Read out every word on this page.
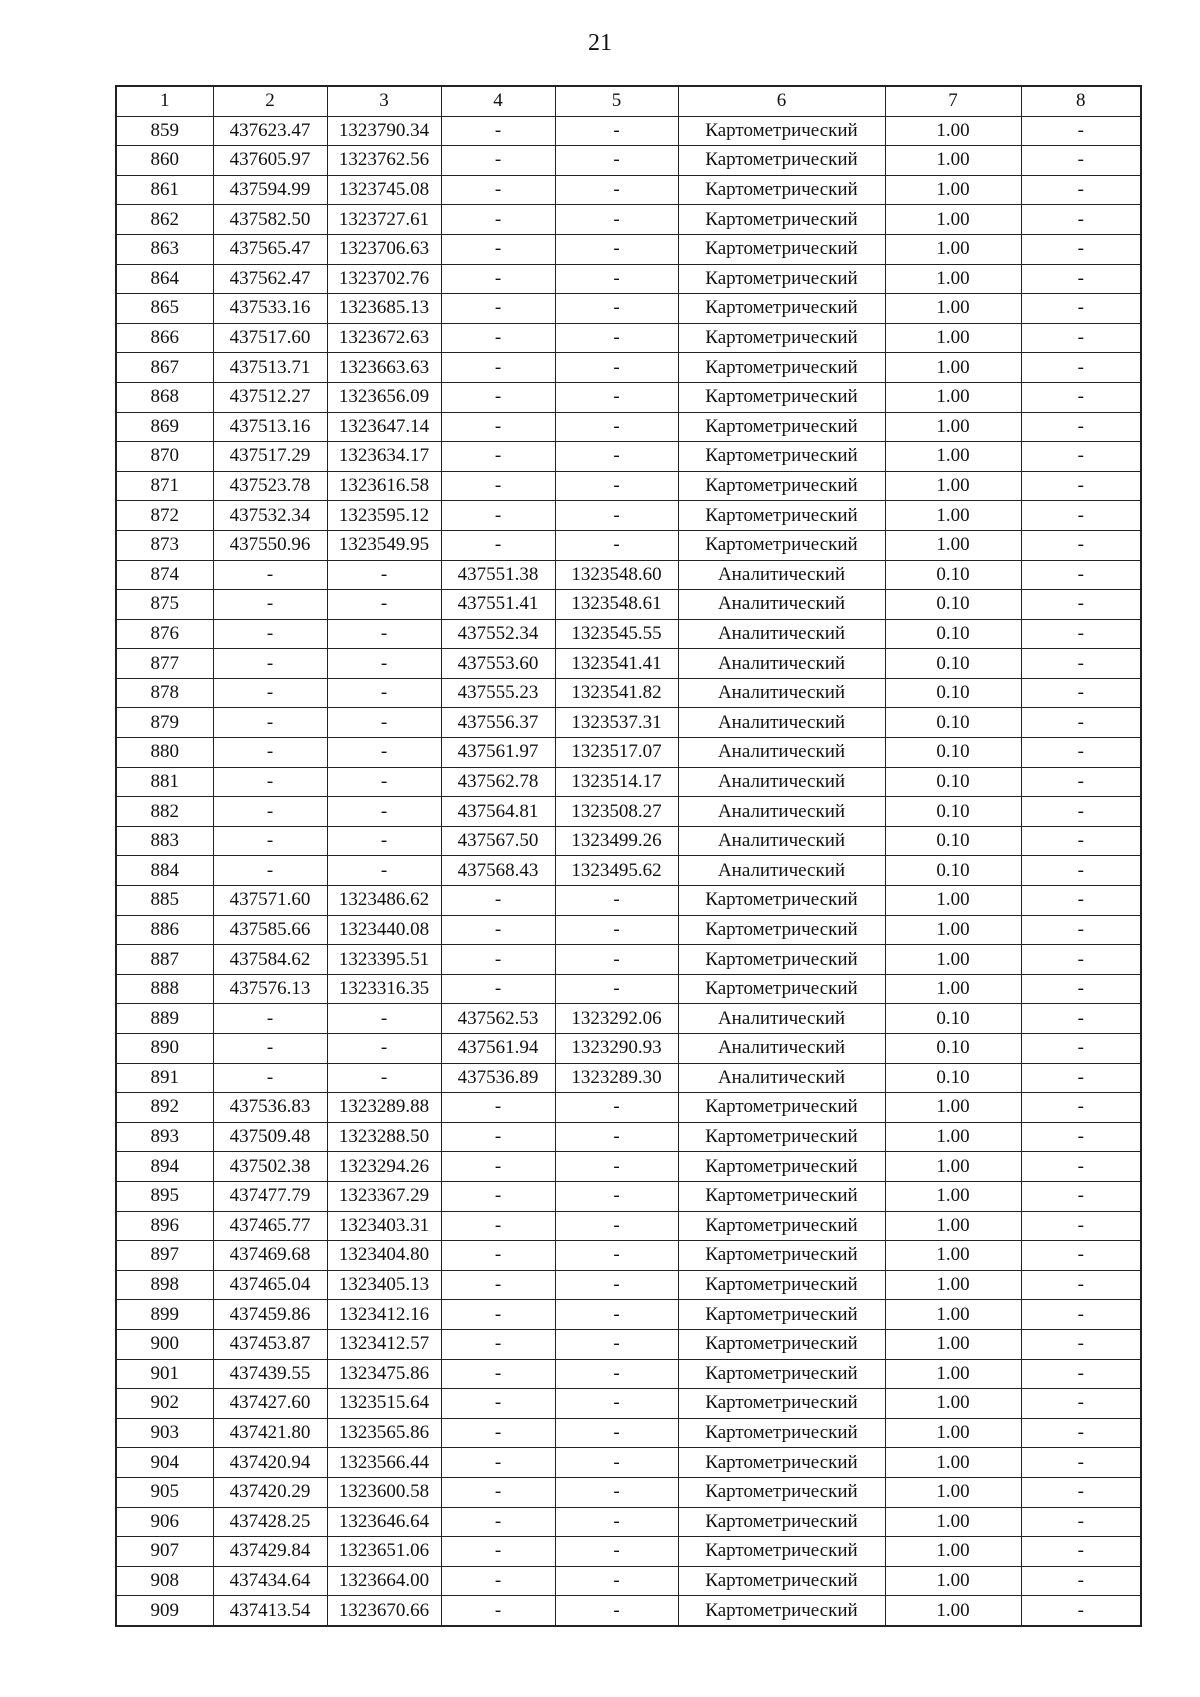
21
1	2	3	4	5	6	7	8
859	437623.47	1323790.34	-	-	Картометрический	1.00	-
860	437605.97	1323762.56	-	-	Картометрический	1.00	-
861	437594.99	1323745.08	-	-	Картометрический	1.00	-
862	437582.50	1323727.61	-	-	Картометрический	1.00	-
863	437565.47	1323706.63	-	-	Картометрический	1.00	-
864	437562.47	1323702.76	-	-	Картометрический	1.00	-
865	437533.16	1323685.13	-	-	Картометрический	1.00	-
866	437517.60	1323672.63	-	-	Картометрический	1.00	-
867	437513.71	1323663.63	-	-	Картометрический	1.00	-
868	437512.27	1323656.09	-	-	Картометрический	1.00	-
869	437513.16	1323647.14	-	-	Картометрический	1.00	-
870	437517.29	1323634.17	-	-	Картометрический	1.00	-
871	437523.78	1323616.58	-	-	Картометрический	1.00	-
872	437532.34	1323595.12	-	-	Картометрический	1.00	-
873	437550.96	1323549.95	-	-	Картометрический	1.00	-
874	-	-	437551.38	1323548.60	Аналитический	0.10	-
875	-	-	437551.41	1323548.61	Аналитический	0.10	-
876	-	-	437552.34	1323545.55	Аналитический	0.10	-
877	-	-	437553.60	1323541.41	Аналитический	0.10	-
878	-	-	437555.23	1323541.82	Аналитический	0.10	-
879	-	-	437556.37	1323537.31	Аналитический	0.10	-
880	-	-	437561.97	1323517.07	Аналитический	0.10	-
881	-	-	437562.78	1323514.17	Аналитический	0.10	-
882	-	-	437564.81	1323508.27	Аналитический	0.10	-
883	-	-	437567.50	1323499.26	Аналитический	0.10	-
884	-	-	437568.43	1323495.62	Аналитический	0.10	-
885	437571.60	1323486.62	-	-	Картометрический	1.00	-
886	437585.66	1323440.08	-	-	Картометрический	1.00	-
887	437584.62	1323395.51	-	-	Картометрический	1.00	-
888	437576.13	1323316.35	-	-	Картометрический	1.00	-
889	-	-	437562.53	1323292.06	Аналитический	0.10	-
890	-	-	437561.94	1323290.93	Аналитический	0.10	-
891	-	-	437536.89	1323289.30	Аналитический	0.10	-
892	437536.83	1323289.88	-	-	Картометрический	1.00	-
893	437509.48	1323288.50	-	-	Картометрический	1.00	-
894	437502.38	1323294.26	-	-	Картометрический	1.00	-
895	437477.79	1323367.29	-	-	Картометрический	1.00	-
896	437465.77	1323403.31	-	-	Картометрический	1.00	-
897	437469.68	1323404.80	-	-	Картометрический	1.00	-
898	437465.04	1323405.13	-	-	Картометрический	1.00	-
899	437459.86	1323412.16	-	-	Картометрический	1.00	-
900	437453.87	1323412.57	-	-	Картометрический	1.00	-
901	437439.55	1323475.86	-	-	Картометрический	1.00	-
902	437427.60	1323515.64	-	-	Картометрический	1.00	-
903	437421.80	1323565.86	-	-	Картометрический	1.00	-
904	437420.94	1323566.44	-	-	Картометрический	1.00	-
905	437420.29	1323600.58	-	-	Картометрический	1.00	-
906	437428.25	1323646.64	-	-	Картометрический	1.00	-
907	437429.84	1323651.06	-	-	Картометрический	1.00	-
908	437434.64	1323664.00	-	-	Картометрический	1.00	-
909	437413.54	1323670.66	-	-	Картометрический	1.00	-
